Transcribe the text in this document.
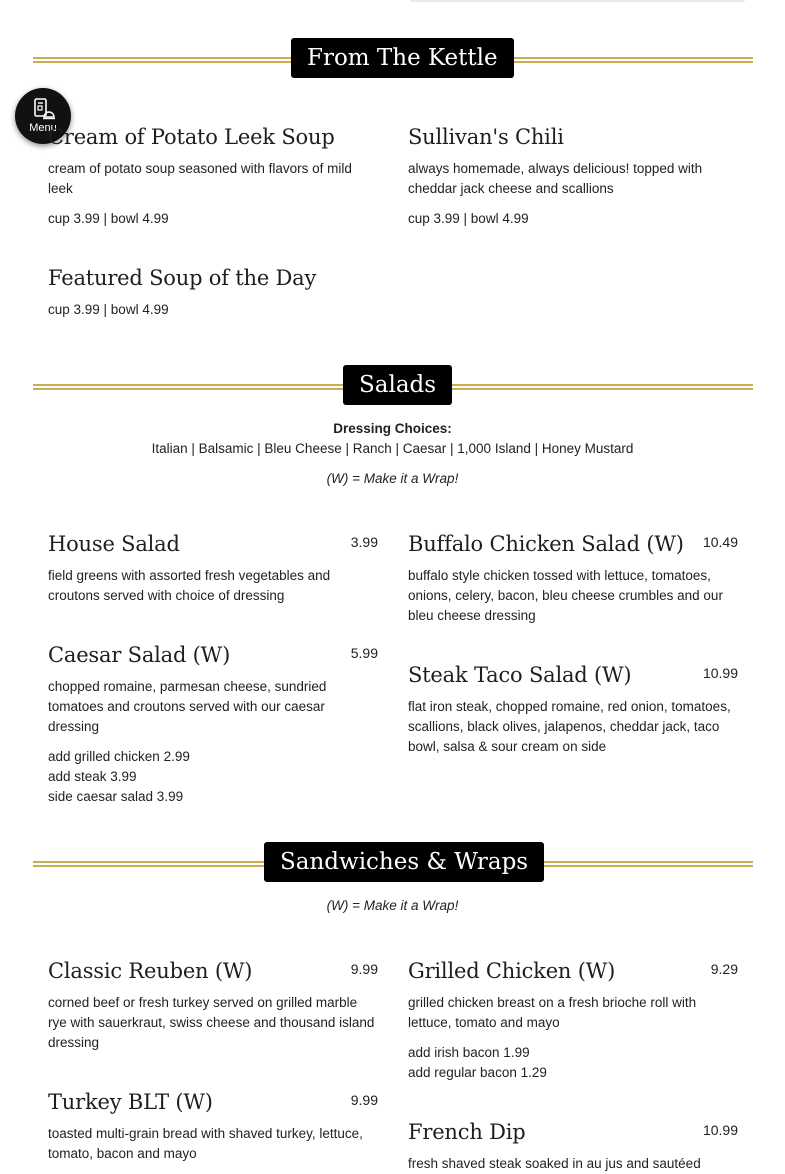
Menu
From The Kettle
Cream of Potato Leek Soup
cream of potato soup seasoned with flavors of mild leek
cup 3.99 | bowl 4.99
Sullivan's Chili
always homemade, always delicious! topped with cheddar jack cheese and scallions
cup 3.99 | bowl 4.99
Featured Soup of the Day
cup 3.99 | bowl 4.99
Salads
Dressing Choices:
Italian | Balsamic | Bleu Cheese | Ranch | Caesar | 1,000 Island | Honey Mustard
(W) = Make it a Wrap!
House Salad	3.99
field greens with assorted fresh vegetables and croutons served with choice of dressing
Buffalo Chicken Salad (W)	10.49
buffalo style chicken tossed with lettuce, tomatoes, onions, celery, bacon, bleu cheese crumbles and our bleu cheese dressing
Caesar Salad (W)	5.99
chopped romaine, parmesan cheese, sundried tomatoes and croutons served with our caesar dressing
add grilled chicken 2.99
add steak 3.99
side caesar salad 3.99
Steak Taco Salad (W)	10.99
flat iron steak, chopped romaine, red onion, tomatoes, scallions, black olives, jalapenos, cheddar jack, taco bowl, salsa & sour cream on side
Sandwiches & Wraps
(W) = Make it a Wrap!
Classic Reuben (W)	9.99
corned beef or fresh turkey served on grilled marble rye with sauerkraut, swiss cheese and thousand island dressing
Grilled Chicken (W)	9.29
grilled chicken breast on a fresh brioche roll with lettuce, tomato and mayo
add irish bacon 1.99
add regular bacon 1.29
Turkey BLT (W)	9.99
toasted multi-grain bread with shaved turkey, lettuce, tomato, bacon and mayo
French Dip	10.99
fresh shaved steak soaked in au jus and sautéed
